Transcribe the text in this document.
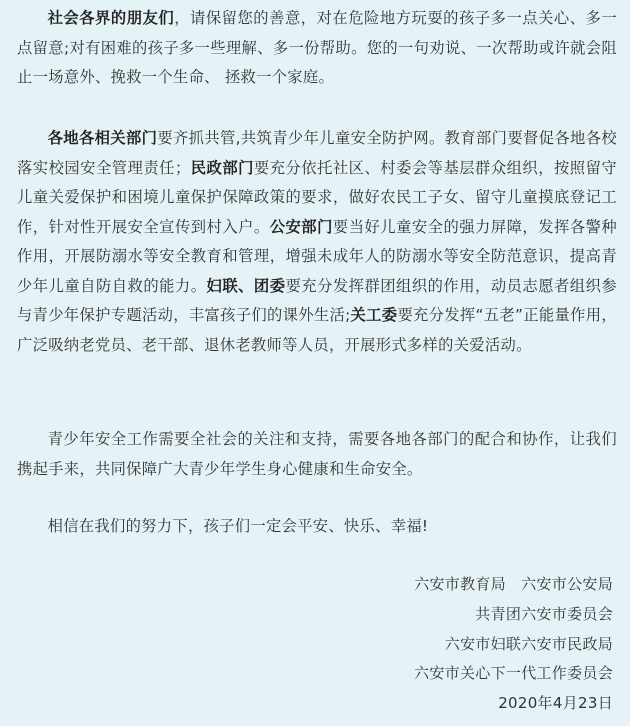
社会各界的朋友们，请保留您的善意，对在危险地方玩耍的孩子多一点关心、多一点留意;对有困难的孩子多一些理解、多一份帮助。您的一句劝说、一次帮助或许就会阻止一场意外、挽救一个生命、 拯救一个家庭。

各地各相关部门要齐抓共管,共筑青少年儿童安全防护网。教育部门要督促各地各校落实校园安全管理责任；民政部门要充分依托社区、村委会等基层群众组织，按照留守儿童关爱保护和困境儿童保护保障政策的要求，做好农民工子女、留守儿童摸底登记工作，针对性开展安全宣传到村入户。公安部门要当好儿童安全的强力屏障，发挥各警种作用，开展防溺水等安全教育和管理，增强未成年人的防溺水等安全防范意识，提高青少年儿童自防自救的能力。妇联、团委要充分发挥群团组织的作用，动员志愿者组织参与青少年保护专题活动，丰富孩子们的课外生活;关工委要充分发挥“五老”正能量作用，广泛吸纳老党员、老干部、退休老教师等人员，开展形式多样的关爱活动。

青少年安全工作需要全社会的关注和支持，需要各地各部门的配合和协作，让我们携起手来，共同保障广大青少年学生身心健康和生命安全。

相信在我们的努力下，孩子们一定会平安、快乐、幸福!

六安市教育局   六安市公安局
共青团六安市委员会
六安市妇联六安市民政局
六安市关心下一代工作委员会
2020年4月23日
